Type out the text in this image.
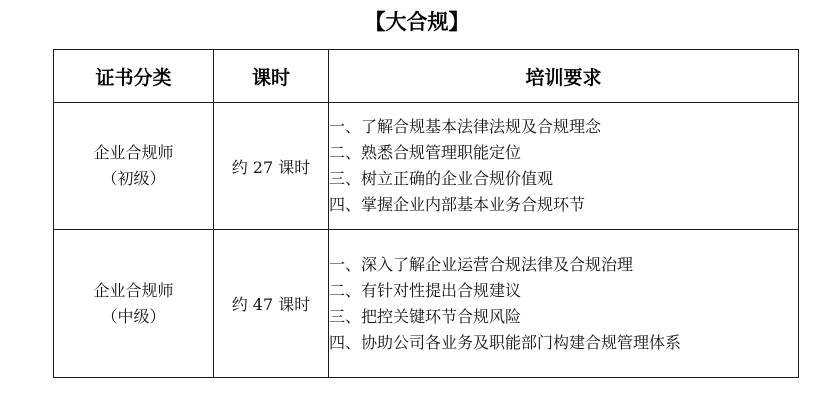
【大合规】
证书分类	课时	培训要求

企业合规师
（初级）	约 27 课时	一、了解合规基本法律法规及合规理念
二、熟悉合规管理职能定位
三、树立正确的企业合规价值观
四、掌握企业内部基本业务合规环节

企业合规师
（中级）	约 47 课时	一、深入了解企业运营合规法律及合规治理
二、有针对性提出合规建议
三、把控关键环节合规风险
四、协助公司各业务及职能部门构建合规管理体系
